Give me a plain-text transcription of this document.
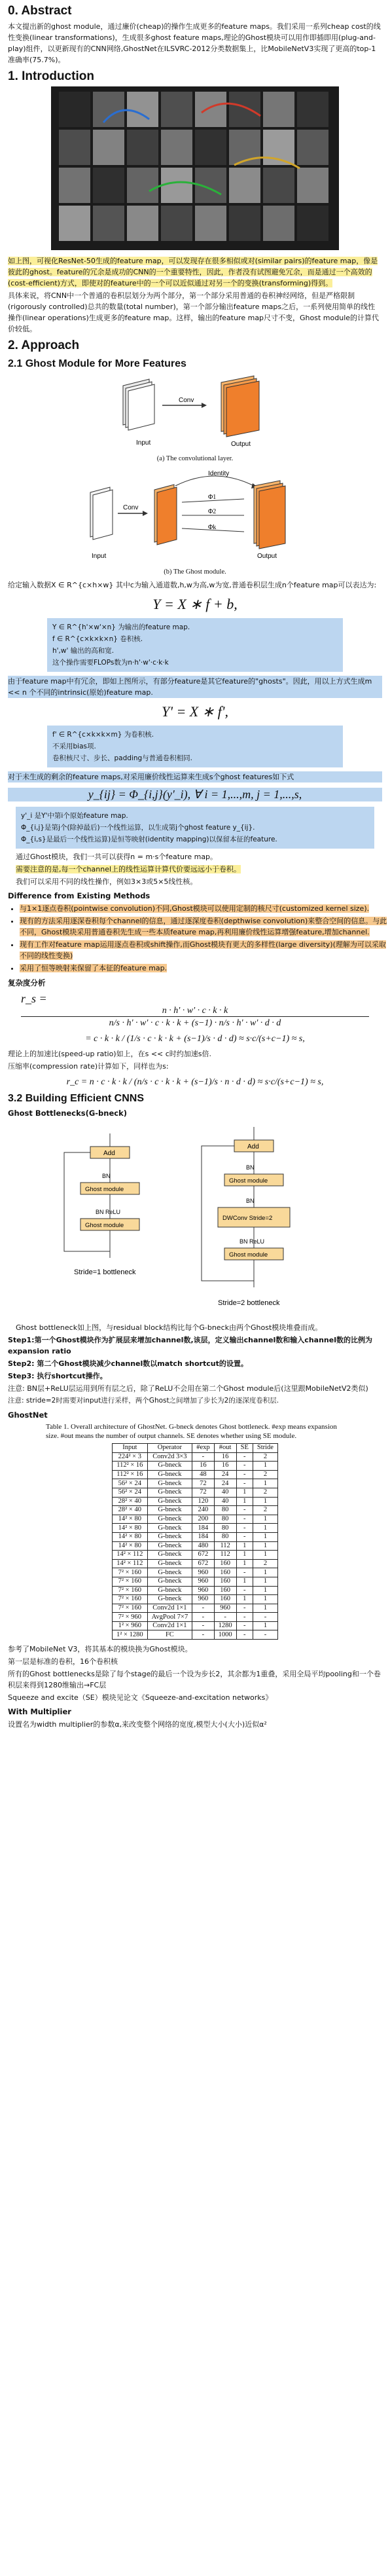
0. Abstract

本文提出新的ghost module，通过廉价(cheap)的操作生成更多的feature maps。我们采用一系列cheap cost的线性变换(linear transformations)，生成很多ghost feature maps,理论的Ghost模块可以用作即插即用(plug-and-play)组件，以更新现有的CNN网络,GhostNet在ILSVRC-2012分类数据集上，比MobileNetV3实现了更高的top-1准确率(75.7%)。

1. Introduction

如上图，可视化ResNet-50生成的feature map，可以发现存在很多相似或对(similar pairs)的feature map，像是彼此的ghost。feature的冗余是成功的CNN的一个重要特性，因此，作者没有试图避免冗余，而是通过一个高效的(cost-efficient)方式，即使对的feature中的一个可以近似通过对另一个的变换(transforming)得到。

具体来说，将CNN中一个普通的卷积层划分为两个部分，第一个部分采用普通的卷积神经网络，但是严格限制(rigorously controlled)总共的数量(total number)，第一个部分输出feature maps之后，一系列使用简单的线性操作(linear operations)生成更多的feature map。这样，输出的feature map尺寸不变，Ghost module的计算代价较低。

2. Approach
2.1 Ghost Module for More Features
Input
Conv
Output
(a) The convolutional layer.
Identity
Conv
Φ1
Φ2
Φk
Input	Output
(b) The Ghost module.

给定输入数据X ∈ R^{c×h×w} 其中c为输入通道数,h,w为高,w为宽,普通卷积层生成n个feature map可以表达为:

Y = X ∗ f + b,

Y ∈ R^{h'×w'×n} 为输出的feature map.

f ∈ R^{c×k×k×n} 卷积核.

h',w' 输出的高和宽.

这个操作需要FLOPs数为n·h'·w'·c·k·k

由于feature map中有冗余，即如上图所示，有部分feature是其它feature的"ghosts"。因此，用以上方式生成m << n 个不同的intrinsic(原始)feature map.

Y' = X ∗ f',

f' ∈ R^{c×k×k×m} 为卷积核.

不采用bias项.

卷积核尺寸、步长、padding与普通卷积相同.

对于未生成的剩余的feature maps,对采用廉价线性运算来生成s个ghost features如下式

y_{ij} = Φ_{i,j}(y'_i), ∀ i = 1,...,m, j = 1,...,s,

y'_i 是Y'中第i个原始feature map.

Φ_{i,j}是第j个(除掉最后)一个线性运算，以生成第j个ghost feature y_{ij}.

Φ_{i,s}是最后一个线性运算)是恒等映射(identity mapping)以保留本征的feature.

通过Ghost模块，我们一共可以获得n = m·s个feature map。

需要注意的是,每一个channel上的线性运算计算代价要远远小于卷积。

我们可以采用不同的线性操作，例如3×3或5×5线性核。

Difference from Existing Methods
• 与1×1逐点卷积(pointwise convolution)不同,Ghost模块可以使用定制的核尺寸(customized kernel size).
• 现有的方法采用逐深卷积每个channel的信息，通过逐深度卷积(depthwise convolution)来整合空间的信息。与此不同，Ghost模块采用普通卷积先生成一些本质feature map,再利用廉价线性运算增强feature,增加channel.
• 现有工作对feature map运用逐点卷积或shift操作,而Ghost模块有更大的多样性(large diversity)(理解为可以采取不同的线性变换)
• 采用了恒等映射来保留了本征的feature map.
复杂度分析
r_s =
n · h' · w' · c · k · k
n/s · h' · w' · c · k · k + (s−1) · n/s · h' · w' · d · d
= c · k · k / (1/s · c · k · k + (s−1)/s · d · d) ≈ s·c/(s+c−1) ≈ s,

理论上的加速比(speed-up ratio)如上，在s << c时约加速s倍.

压缩率(compression rate)计算如下，同样也为s:

r_c = n · c · k · k / (n/s · c · k · k + (s−1)/s · n · d · d) ≈ s·c/(s+c−1) ≈ s,
3.2 Building Efficient CNNS
Ghost Bottlenecks(G-bneck)
Add
BN
Ghost module
BN ReLU
Ghost module
Stride=1 bottleneck
Add
BN
Ghost module
BN
DWConv Stride=2
BN ReLU
Ghost module
Stride=2 bottleneck

Ghost bottleneck如上图，与residual block结构比每个G-bneck由两个Ghost模块堆叠而成。

Step1:第一个Ghost模块作为扩展层来增加channel数,该层，定义输出channel数和输入channel数的比例为expansion ratio

Step2: 第二个Ghost模块减少channel数以match shortcut的设置。

Step3: 执行shortcut操作。

注意: BN层+ReLU层运用到所有层之后，除了ReLU不会用在第二个Ghost module后(这里跟MobileNetV2类似)

注意: stride=2时需要对input进行采样，两个Ghost之间增加了步长为2的逐深度卷积层.

GhostNet
Table 1. Overall architecture of GhostNet. G-bneck denotes Ghost bottleneck. #exp means expansion size. #out means the number of output channels. SE denotes whether using SE module.
Input	Operator	#exp	#out	SE	Stride
224² × 3	Conv2d 3×3	-	16	-	2
112² × 16	G-bneck	16	16	-	1
112² × 16	G-bneck	48	24	-	2
56² × 24	G-bneck	72	24	-	1
56² × 24	G-bneck	72	40	1	2
28² × 40	G-bneck	120	40	1	1
28² × 40	G-bneck	240	80	-	2
14² × 80	G-bneck	200	80	-	1
14² × 80	G-bneck	184	80	-	1
14² × 80	G-bneck	184	80	-	1
14² × 80	G-bneck	480	112	1	1
14² × 112	G-bneck	672	112	1	1
14² × 112	G-bneck	672	160	1	2
7² × 160	G-bneck	960	160	-	1
7² × 160	G-bneck	960	160	1	1
7² × 160	G-bneck	960	160	-	1
7² × 160	G-bneck	960	160	1	1
7² × 160	Conv2d 1×1	-	960	-	1
7² × 960	AvgPool 7×7	-	-	-	-
1² × 960	Conv2d 1×1	-	1280	-	1
1² × 1280	FC	-	1000	-	-

参考了MobileNet V3，将其基本的模块换为Ghost模块。

第一层是标准的卷积，16个卷积核

所有的Ghost bottlenecks是除了每个stage的最后一个设为步长2，其余都为1重叠，采用全局平均pooling和一个卷积层来得到1280维输出→FC层

Squeeze and excite（SE）模块见论文《Squeeze-and-excitation networks》

With Multiplier

设置名为width multiplier的参数α,来改变整个网络的宽度,模型大小(大小)近似α²
